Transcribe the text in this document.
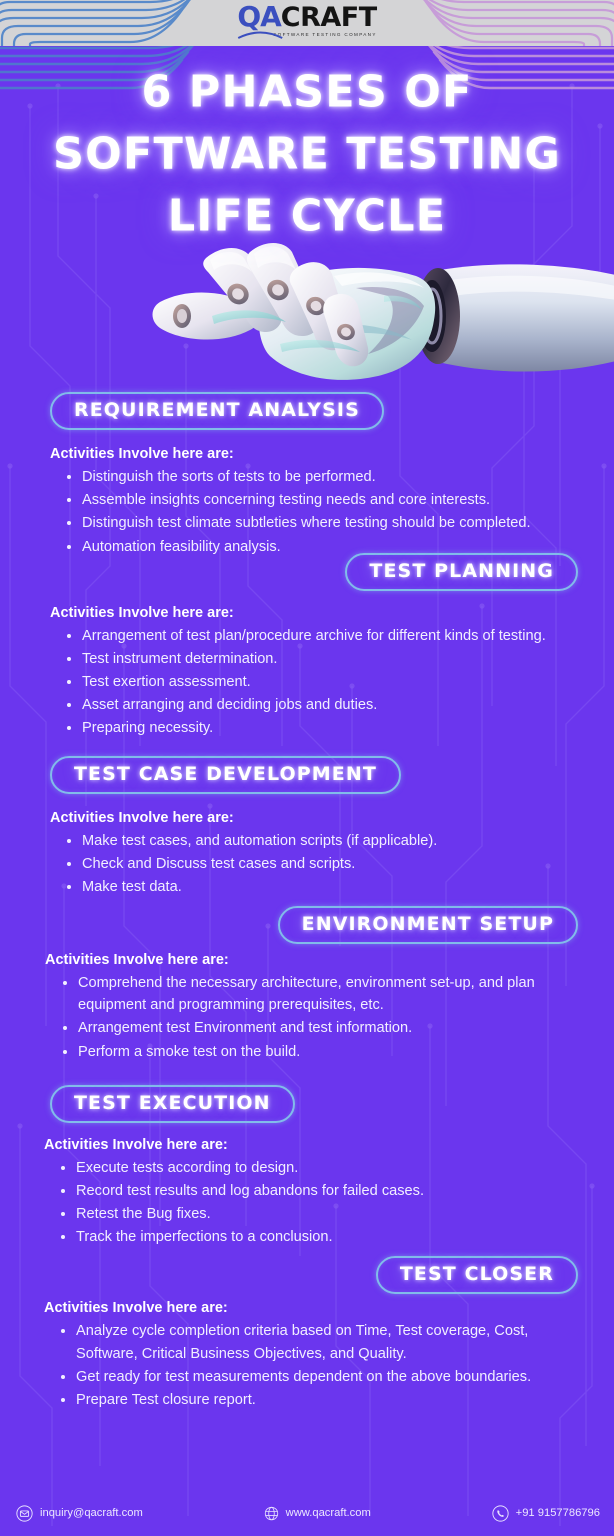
QA CRAFT
SOFTWARE TESTING COMPANY
6 PHASES OF
SOFTWARE TESTING
LIFE CYCLE
REQUIREMENT ANALYSIS
Activities Involve here are:
Distinguish the sorts of tests to be performed.
Assemble insights concerning testing needs and core interests.
Distinguish test climate subtleties where testing should be completed.
Automation feasibility analysis.
TEST PLANNING
Activities Involve here are:
Arrangement of test plan/procedure archive for different kinds of testing.
Test instrument determination.
Test exertion assessment.
Asset arranging and deciding jobs and duties.
Preparing necessity.
TEST CASE DEVELOPMENT
Activities Involve here are:
Make test cases, and automation scripts (if applicable).
Check and Discuss test cases and scripts.
Make test data.
ENVIRONMENT SETUP
Activities Involve here are:
Comprehend the necessary architecture, environment set-up, and plan equipment and programming prerequisites, etc.
Arrangement test Environment and test information.
Perform a smoke test on the build.
TEST EXECUTION
Activities Involve here are:
Execute tests according to design.
Record test results and log abandons for failed cases.
Retest the Bug fixes.
Track the imperfections to a conclusion.
TEST CLOSER
Activities Involve here are:
Analyze cycle completion criteria based on Time, Test coverage, Cost, Software, Critical Business Objectives, and Quality.
Get ready for test measurements dependent on the above boundaries.
Prepare Test closure report.
inquiry@qacraft.com	www.qacraft.com	+91 9157786796
